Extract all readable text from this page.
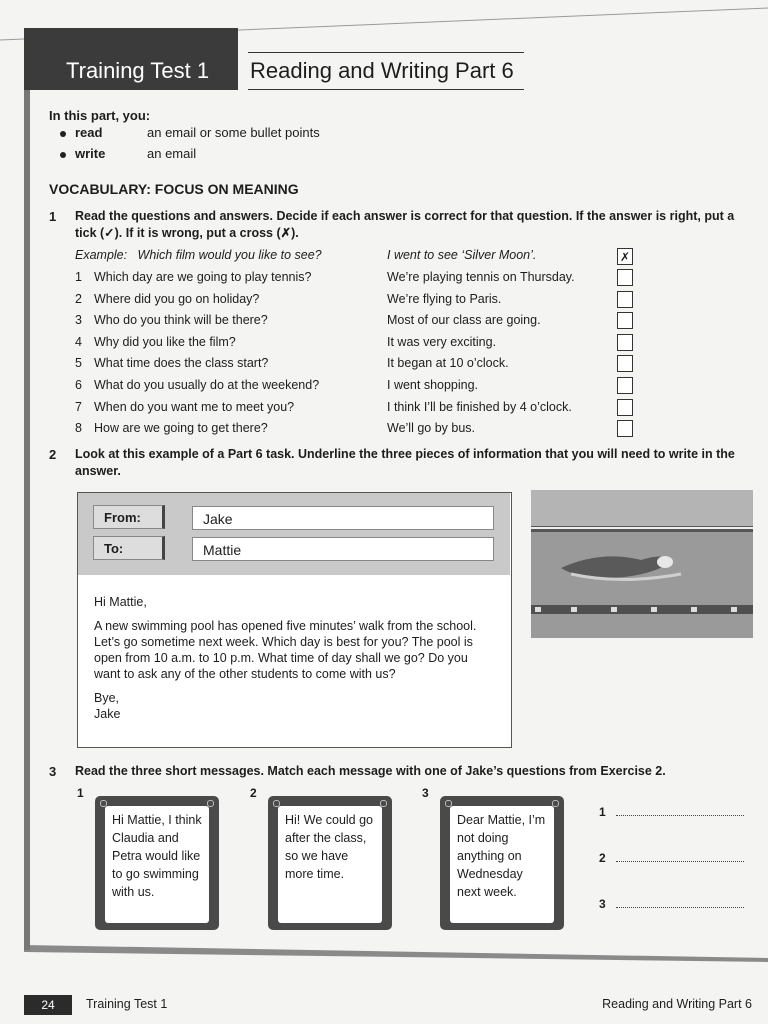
Training Test 1 Reading and Writing Part 6
In this part, you:
read	an email or some bullet points
write	an email
VOCABULARY: FOCUS ON MEANING
1 Read the questions and answers. Decide if each answer is correct for that question. If the answer is right, put a tick (✓). If it is wrong, put a cross (✗).
Example: Which film would you like to see?	I went to see ‘Silver Moon’.	✗
1 Which day are we going to play tennis?	We’re playing tennis on Thursday.
2 Where did you go on holiday?	We’re flying to Paris.
3 Who do you think will be there?	Most of our class are going.
4 Why did you like the film?	It was very exciting.
5 What time does the class start?	It began at 10 o’clock.
6 What do you usually do at the weekend?	I went shopping.
7 When do you want me to meet you?	I think I’ll be finished by 4 o’clock.
8 How are we going to get there?	We’ll go by bus.
2 Look at this example of a Part 6 task. Underline the three pieces of information that you will need to write in the answer.
From:	Jake
To:	Mattie
Hi Mattie,
A new swimming pool has opened five minutes’ walk from the school. Let’s go sometime next week. Which day is best for you? The pool is open from 10 a.m. to 10 p.m. What time of day shall we go? Do you want to ask any of the other students to come with us?
Bye,
Jake
3 Read the three short messages. Match each message with one of Jake’s questions from Exercise 2.
1
Hi Mattie, I think Claudia and Petra would like to go swimming with us.
2
Hi! We could go after the class, so we have more time.
3
Dear Mattie, I’m not doing anything on Wednesday next week.
1
2
3
24	Training Test 1	Reading and Writing Part 6
